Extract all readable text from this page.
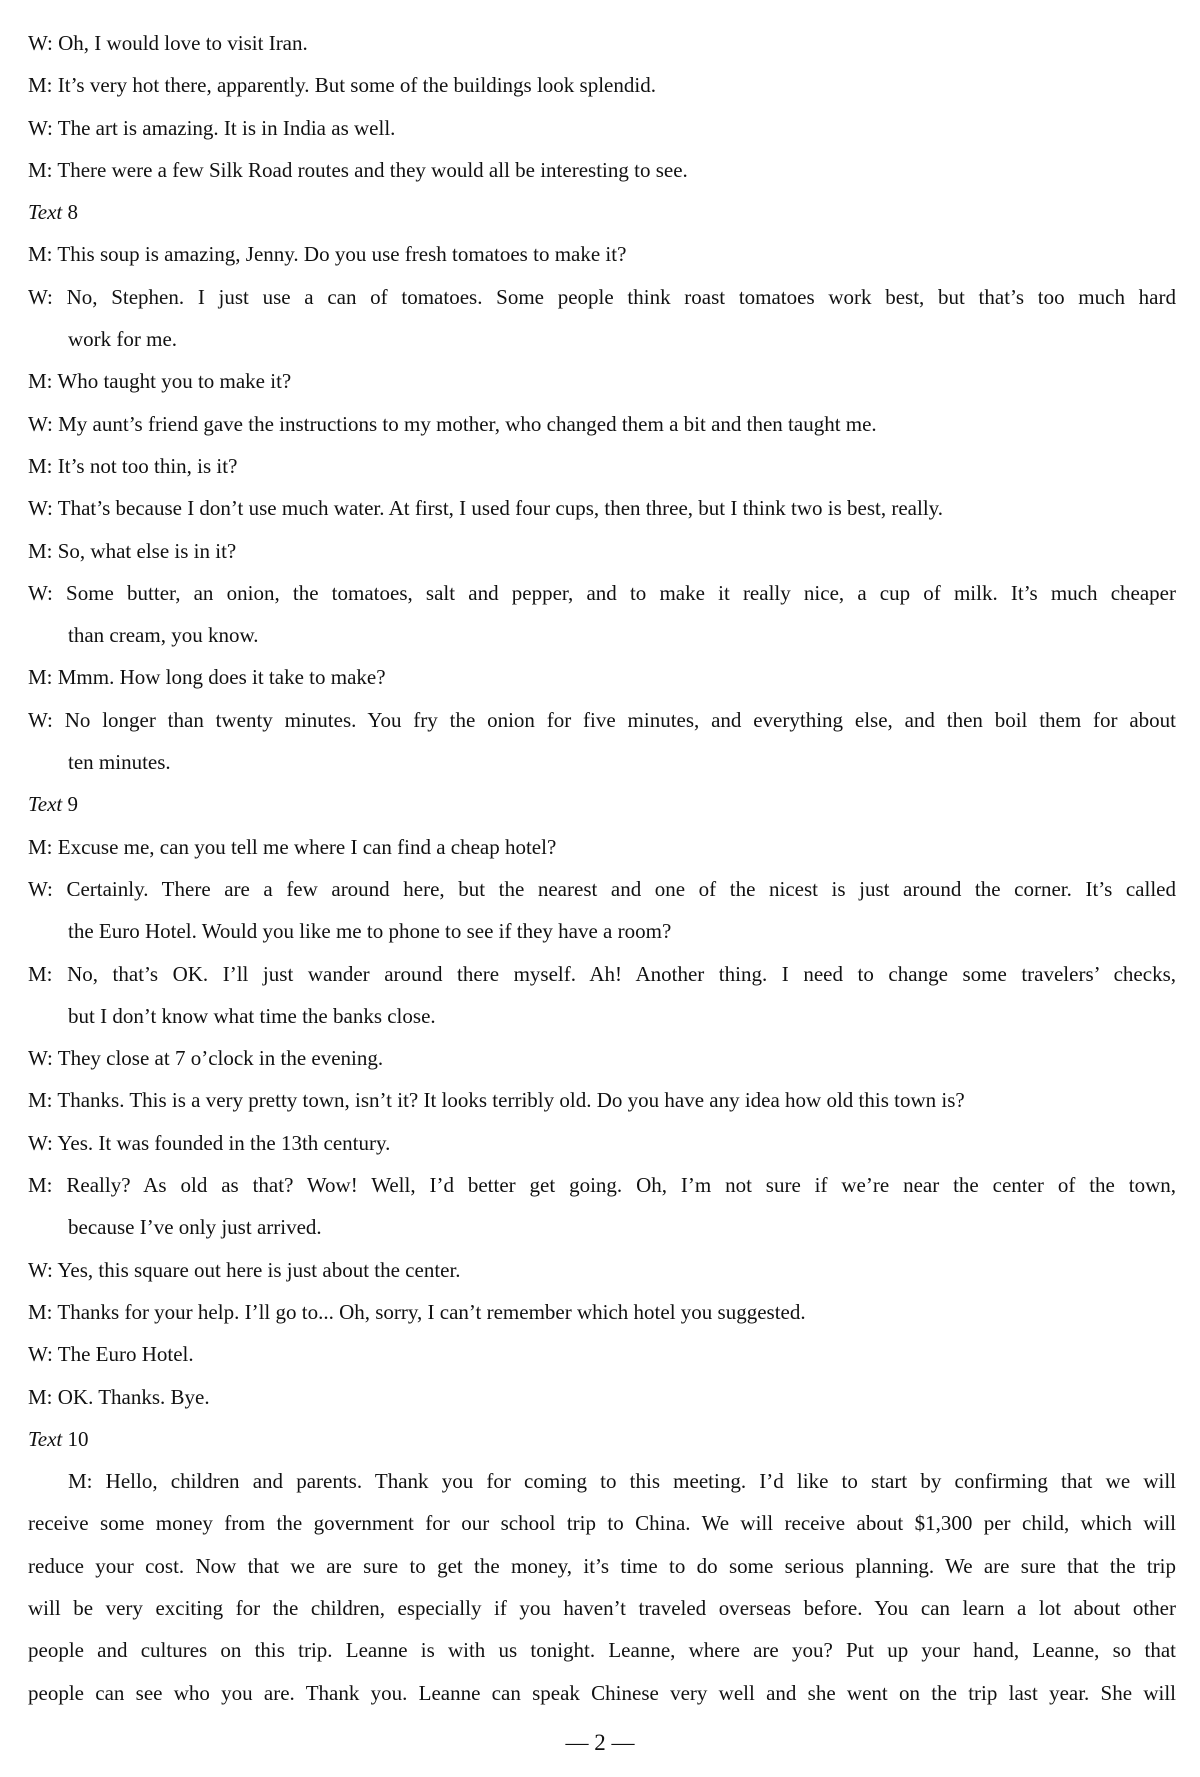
W: Oh, I would love to visit Iran.

M: It’s very hot there, apparently. But some of the buildings look splendid.

W: The art is amazing. It is in India as well.

M: There were a few Silk Road routes and they would all be interesting to see.

Text 8

M: This soup is amazing, Jenny. Do you use fresh tomatoes to make it?

W: No, Stephen. I just use a can of tomatoes. Some people think roast tomatoes work best, but that’s too much hard

work for me.

M: Who taught you to make it?

W: My aunt’s friend gave the instructions to my mother, who changed them a bit and then taught me.

M: It’s not too thin, is it?

W: That’s because I don’t use much water. At first, I used four cups, then three, but I think two is best, really.

M: So, what else is in it?

W: Some butter, an onion, the tomatoes, salt and pepper, and to make it really nice, a cup of milk. It’s much cheaper

than cream, you know.

M: Mmm. How long does it take to make?

W: No longer than twenty minutes. You fry the onion for five minutes, and everything else, and then boil them for about

ten minutes.

Text 9

M: Excuse me, can you tell me where I can find a cheap hotel?

W: Certainly. There are a few around here, but the nearest and one of the nicest is just around the corner. It’s called

the Euro Hotel. Would you like me to phone to see if they have a room?

M: No, that’s OK. I’ll just wander around there myself. Ah! Another thing. I need to change some travelers’ checks,

but I don’t know what time the banks close.

W: They close at 7 o’clock in the evening.

M: Thanks. This is a very pretty town, isn’t it? It looks terribly old. Do you have any idea how old this town is?

W: Yes. It was founded in the 13th century.

M: Really? As old as that? Wow! Well, I’d better get going. Oh, I’m not sure if we’re near the center of the town,

because I’ve only just arrived.

W: Yes, this square out here is just about the center.

M: Thanks for your help. I’ll go to... Oh, sorry, I can’t remember which hotel you suggested.

W: The Euro Hotel.

M: OK. Thanks. Bye.

Text 10

M: Hello, children and parents. Thank you for coming to this meeting. I’d like to start by confirming that we will

receive some money from the government for our school trip to China. We will receive about $1,300 per child, which will

reduce your cost. Now that we are sure to get the money, it’s time to do some serious planning. We are sure that the trip

will be very exciting for the children, especially if you haven’t traveled overseas before. You can learn a lot about other

people and cultures on this trip. Leanne is with us tonight. Leanne, where are you? Put up your hand, Leanne, so that

people can see who you are. Thank you. Leanne can speak Chinese very well and she went on the trip last year. She will

— 2 —
